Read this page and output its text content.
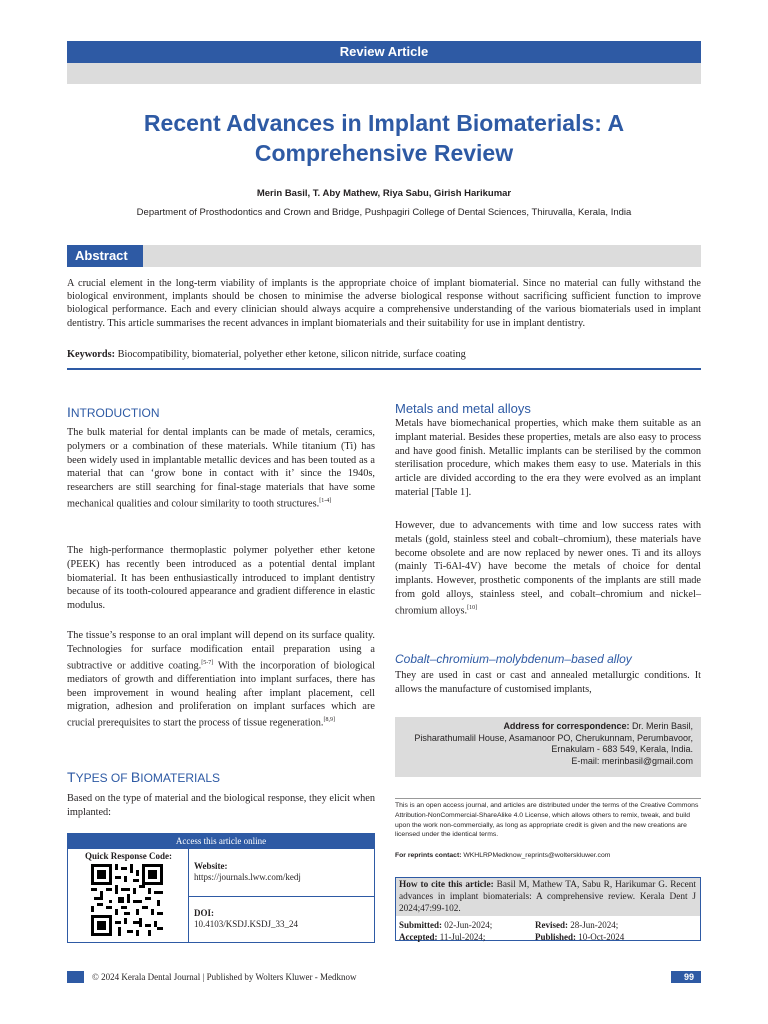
Review Article
Recent Advances in Implant Biomaterials: A Comprehensive Review
Merin Basil, T. Aby Mathew, Riya Sabu, Girish Harikumar
Department of Prosthodontics and Crown and Bridge, Pushpagiri College of Dental Sciences, Thiruvalla, Kerala, India
Abstract
A crucial element in the long-term viability of implants is the appropriate choice of implant biomaterial. Since no material can fully withstand the biological environment, implants should be chosen to minimise the adverse biological response without sacrificing sufficient function to improve biological performance. Each and every clinician should always acquire a comprehensive understanding of the various biomaterials used in implant dentistry. This article summarises the recent advances in implant biomaterials and their suitability for use in implant dentistry.
Keywords: Biocompatibility, biomaterial, polyether ether ketone, silicon nitride, surface coating
INTRODUCTION
The bulk material for dental implants can be made of metals, ceramics, polymers or a combination of these materials. While titanium (Ti) has been widely used in implantable metallic devices and has been touted as a material that can ‘grow bone in contact with it’ since the 1940s, researchers are still searching for final-stage materials that have some mechanical qualities and colour similarity to tooth structures.[1-4]
The high-performance thermoplastic polymer polyether ether ketone (PEEK) has recently been introduced as a potential dental implant biomaterial. It has been enthusiastically introduced to implant dentistry because of its tooth-coloured appearance and gradient difference in elastic modulus.
The tissue’s response to an oral implant will depend on its surface quality. Technologies for surface modification entail preparation using a subtractive or additive coating.[5-7] With the incorporation of biological mediators of growth and differentiation into implant surfaces, there has been improvement in wound healing after implant placement, cell migration, adhesion and proliferation on implant surfaces which are crucial prerequisites to start the process of tissue regeneration.[8,9]
TYPES OF BIOMATERIALS
Based on the type of material and the biological response, they elicit when implanted:
Access this article online
Quick Response Code:
Website:
https://journals.lww.com/kedj
DOI:
10.4103/KSDJ.KSDJ_33_24
Metals and metal alloys
Metals have biomechanical properties, which make them suitable as an implant material. Besides these properties, metals are also easy to process and have good finish. Metallic implants can be sterilised by the common sterilisation procedure, which makes them easy to use. Materials in this article are divided according to the era they were evolved as an implant material [Table 1].
However, due to advancements with time and low success rates with metals (gold, stainless steel and cobalt–chromium), these materials have become obsolete and are now replaced by newer ones. Ti and its alloys (mainly Ti-6Al-4V) have become the metals of choice for dental implants. However, prosthetic components of the implants are still made from gold alloys, stainless steel, and cobalt–chromium and nickel–chromium alloys.[10]
Cobalt–chromium–molybdenum–based alloy
They are used in cast or cast and annealed metallurgic conditions. It allows the manufacture of customised implants,
Address for correspondence: Dr. Merin Basil,
Pisharathumalil House, Asamanoor PO, Cherukunnam, Perumbavoor,
Ernakulam - 683 549, Kerala, India.
E-mail: merinbasil@gmail.com
This is an open access journal, and articles are distributed under the terms of the Creative Commons Attribution-NonCommercial-ShareAlike 4.0 License, which allows others to remix, tweak, and build upon the work non-commercially, as long as appropriate credit is given and the new creations are licensed under the identical terms.
For reprints contact: WKHLRPMedknow_reprints@wolterskluwer.com
How to cite this article: Basil M, Mathew TA, Sabu R, Harikumar G. Recent advances in implant biomaterials: A comprehensive review. Kerala Dent J 2024;47:99-102.
Submitted: 02-Jun-2024;	Revised: 28-Jun-2024;
Accepted: 11-Jul-2024;	Published: 10-Oct-2024
© 2024 Kerala Dental Journal | Published by Wolters Kluwer - Medknow	99
